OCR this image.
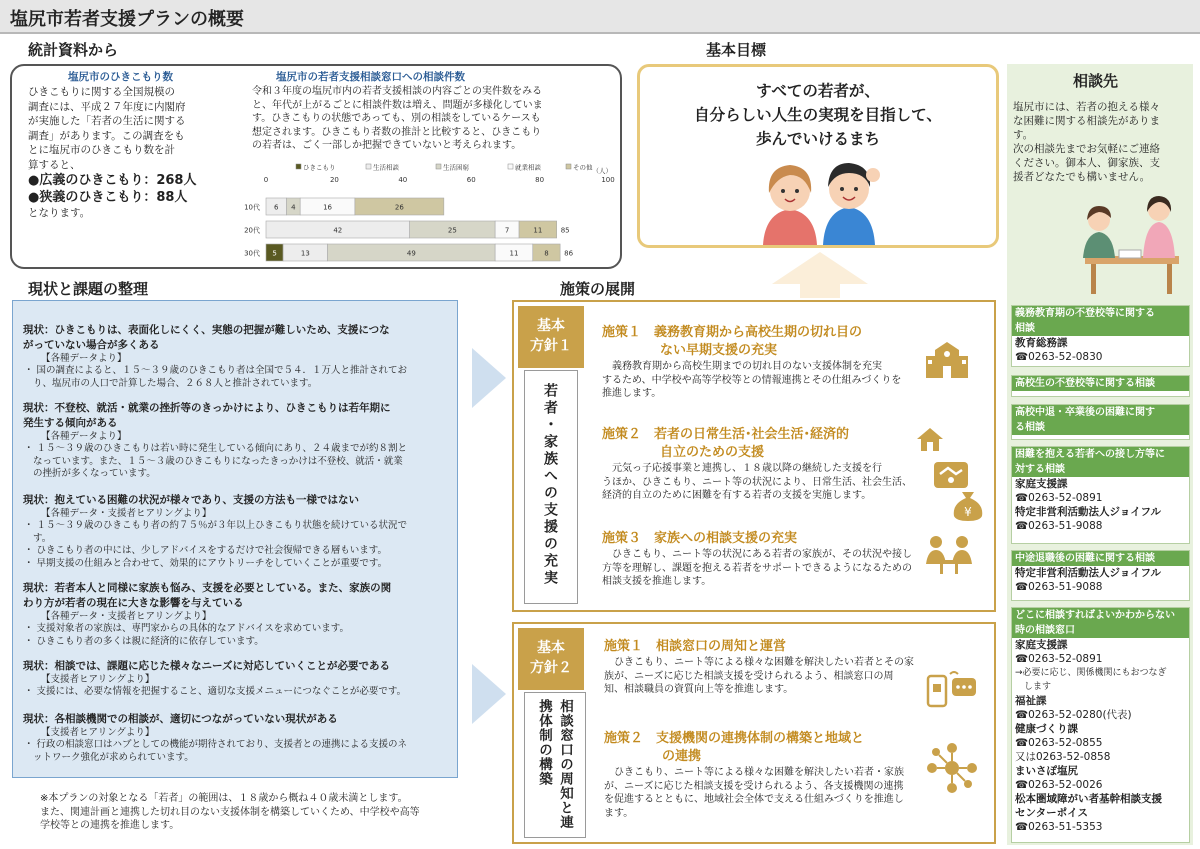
塩尻市若者支援プランの概要
統計資料から	基本目標
現状と課題の整理	施策の展開
塩尻市のひきこもり数
ひきこもりに関する全国規模の
調査には、平成２７年度に内閣府
が実施した「若者の生活に関する
調査」があります。この調査をも
とに塩尻市のひきこもり数を計
算すると、
●広義のひきこもり：268人
●狭義のひきこもり：88人
となります。
塩尻市の若者支援相談窓口への相談件数
令和３年度の塩尻市内の若者支援相談の内容ごとの実件数をみる
と、年代が上がるごとに相談件数は増え、問題が多様化していま
す。ひきこもりの状態であっても、別の相談をしているケースも
想定されます。ひきこもり者数の推計と比較すると、ひきこもり
の若者は、ごく一部しか把握できていないと考えられます。
ひきこもり	生活相談	生活困窮	就業相談	その他
0	20	40	60	80	100
（人）
10代 6 4	16	26
20代	42	25	7	11	85
30代 5	13	49	11	8 86
すべての若者が、
自分らしい人生の実現を目指して、
歩んでいけるまち
相談先
塩尻市には、若者の抱える様々
な困難に関する相談先がありま
す。
次の相談先までお気軽にご連絡
ください。御本人、御家族、支
援者どなたでも構いません。
義務教育期の不登校等に関する
相談
教育総務課
☎0263-52-0830
高校生の不登校等に関する相談
高校中退・卒業後の困難に関す
る相談
困難を抱える若者への接し方等に
対する相談
家庭支援課
☎0263-52-0891
特定非営利活動法人ジョイフル
☎0263-51-9088
中途退職後の困難に関する相談
特定非営利活動法人ジョイフル
☎0263-51-9088
どこに相談すればよいかわからない
時の相談窓口
家庭支援課
☎0263-52-0891
→必要に応じ、関係機関にもおつなぎ
　します
福祉課
☎0263-52-0280(代表)
健康づくり課
☎0263-52-0855
又は0263-52-0858
まいさぽ塩尻
☎0263-52-0026
松本圏域障がい者基幹相談支援
センターポイス
☎0263-51-5353
現状：ひきこもりは、表面化しにくく、実態の把握が難しいため、支援につな
がっていない場合が多くある
【各種データより】
・ 国の調査によると、１５～３９歳のひきこもり者は全国で５４．１万人と推計されてお
り、塩尻市の人口で計算した場合、２６８人と推計されています。
現状：不登校、就活・就業の挫折等のきっかけにより、ひきこもりは若年期に
発生する傾向がある
【各種データより】
・ １５～３９歳のひきこもりは若い時に発生している傾向にあり、２４歳までが約８割と
なっています。また、１５～３歳のひきこもりになったきっかけは不登校、就活・就業
の挫折が多くなっています。
現状：抱えている困難の状況が様々であり、支援の方法も一様ではない
【各種データ・支援者ヒアリングより】
・ １５～３９歳のひきこもり者の約７５％が３年以上ひきこもり状態を続けている状況で
す。
・ ひきこもり者の中には、少しアドバイスをするだけで社会復帰できる層もいます。
・ 早期支援の仕組みと合わせて、効果的にアウトリーチをしていくことが重要です。
現状：若者本人と同様に家族も悩み、支援を必要としている。また、家族の関
わり方が若者の現在に大きな影響を与えている
【各種データ・支援者ヒアリングより】
・ 支援対象者の家族は、専門家からの具体的なアドバイスを求めています。
・ ひきこもり者の多くは親に経済的に依存しています。
現状：相談では、課題に応じた様々なニーズに対応していくことが必要である
【支援者ヒアリングより】
・ 支援には、必要な情報を把握すること、適切な支援メニューにつなぐことが必要です。
現状：各相談機関での相談が、適切につながっていない現状がある
【支援者ヒアリングより】
・ 行政の相談窓口はハブとしての機能が期待されており、支援者との連携による支援のネ
ットワーク強化が求められています。
※本プランの対象となる「若者」の範囲は、１８歳から概ね４０歳未満とします。
また、関連計画と連携した切れ目のない支援体制を構築していくため、中学校や高等
学校等との連携を推進します。
基本
方針１
若者・家族への支援の充実
施策１　義務教育期から高校生期の切れ目の
ない早期支援の充実
　義務教育期から高校生期までの切れ目のない支援体制を充実
するため、中学校や高等学校等との情報連携とその仕組みづくりを
推進します。
施策２　若者の日常生活･社会生活･経済的
自立のための支援
　元気っ子応援事業と連携し、１８歳以降の継続した支援を行
うほか、ひきこもり、ニート等の状況により、日常生活、社会生活、
経済的自立のために困難を有する若者の支援を実施します。
施策３　家族への相談支援の充実
　ひきこもり、ニート等の状況にある若者の家族が、その状況や接し
方等を理解し、課題を抱える若者をサポートできるようになるための
相談支援を推進します。
¥
基本
方針２
相談窓口の周知と連携体制の構築
施策１　相談窓口の周知と運営
　ひきこもり、ニート等による様々な困難を解決したい若者とその家
族が、ニーズに応じた相談支援を受けられるよう、相談窓口の周
知、相談職員の資質向上等を推進します。
施策２　支援機関の連携体制の構築と地域と
の連携
　ひきこもり、ニート等による様々な困難を解決したい若者・家族
が、ニーズに応じた相談支援を受けられるよう、各支援機関の連携
を促進するとともに、地域社会全体で支える仕組みづくりを推進し
ます。
